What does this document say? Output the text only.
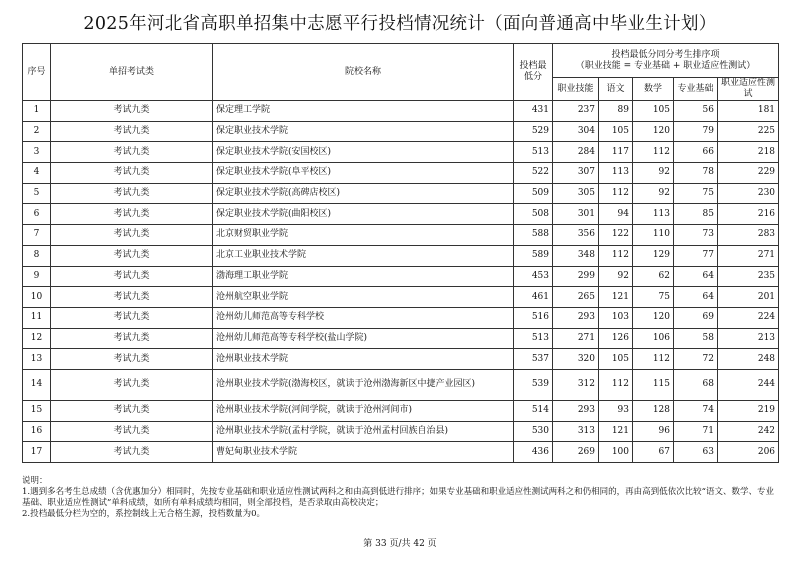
2025年河北省高职单招集中志愿平行投档情况统计（面向普通高中毕业生计划）
序号	单招考试类	院校名称	投档最低分	投档最低分同分考生排序项
（职业技能 = 专业基础 + 职业适应性测试）				

				职业技能	语文	数学	专业基础	职业适应性测试
1	考试九类	保定理工学院	431	237	89	105	56	181
2	考试九类	保定职业技术学院	529	304	105	120	79	225
3	考试九类	保定职业技术学院(安国校区)	513	284	117	112	66	218
4	考试九类	保定职业技术学院(阜平校区)	522	307	113	92	78	229
5	考试九类	保定职业技术学院(高碑店校区)	509	305	112	92	75	230
6	考试九类	保定职业技术学院(曲阳校区)	508	301	94	113	85	216
7	考试九类	北京财贸职业学院	588	356	122	110	73	283
8	考试九类	北京工业职业技术学院	589	348	112	129	77	271
9	考试九类	渤海理工职业学院	453	299	92	62	64	235
10	考试九类	沧州航空职业学院	461	265	121	75	64	201
11	考试九类	沧州幼儿师范高等专科学校	516	293	103	120	69	224
12	考试九类	沧州幼儿师范高等专科学校(盐山学院)	513	271	126	106	58	213
13	考试九类	沧州职业技术学院	537	320	105	112	72	248
14	考试九类	沧州职业技术学院(渤海校区，就读于沧州渤海新区中捷产业园区)	539	312	112	115	68	244
15	考试九类	沧州职业技术学院(河间学院，就读于沧州河间市)	514	293	93	128	74	219
16	考试九类	沧州职业技术学院(孟村学院，就读于沧州孟村回族自治县)	530	313	121	96	71	242
17	考试九类	曹妃甸职业技术学院	436	269	100	67	63	206
说明：
1.遇到多名考生总成绩（含优惠加分）相同时，先按专业基础和职业适应性测试两科之和由高到低进行排序；如果专业基础和职业适应性测试两科之和仍相同的，再由高到低依次比较“语文、数学、专业基础、职业适应性测试”单科成绩，如所有单科成绩均相同，则全部投档，是否录取由高校决定；
2.投档最低分栏为空的，系控制线上无合格生源，投档数量为0。
第 33 页/共 42 页
